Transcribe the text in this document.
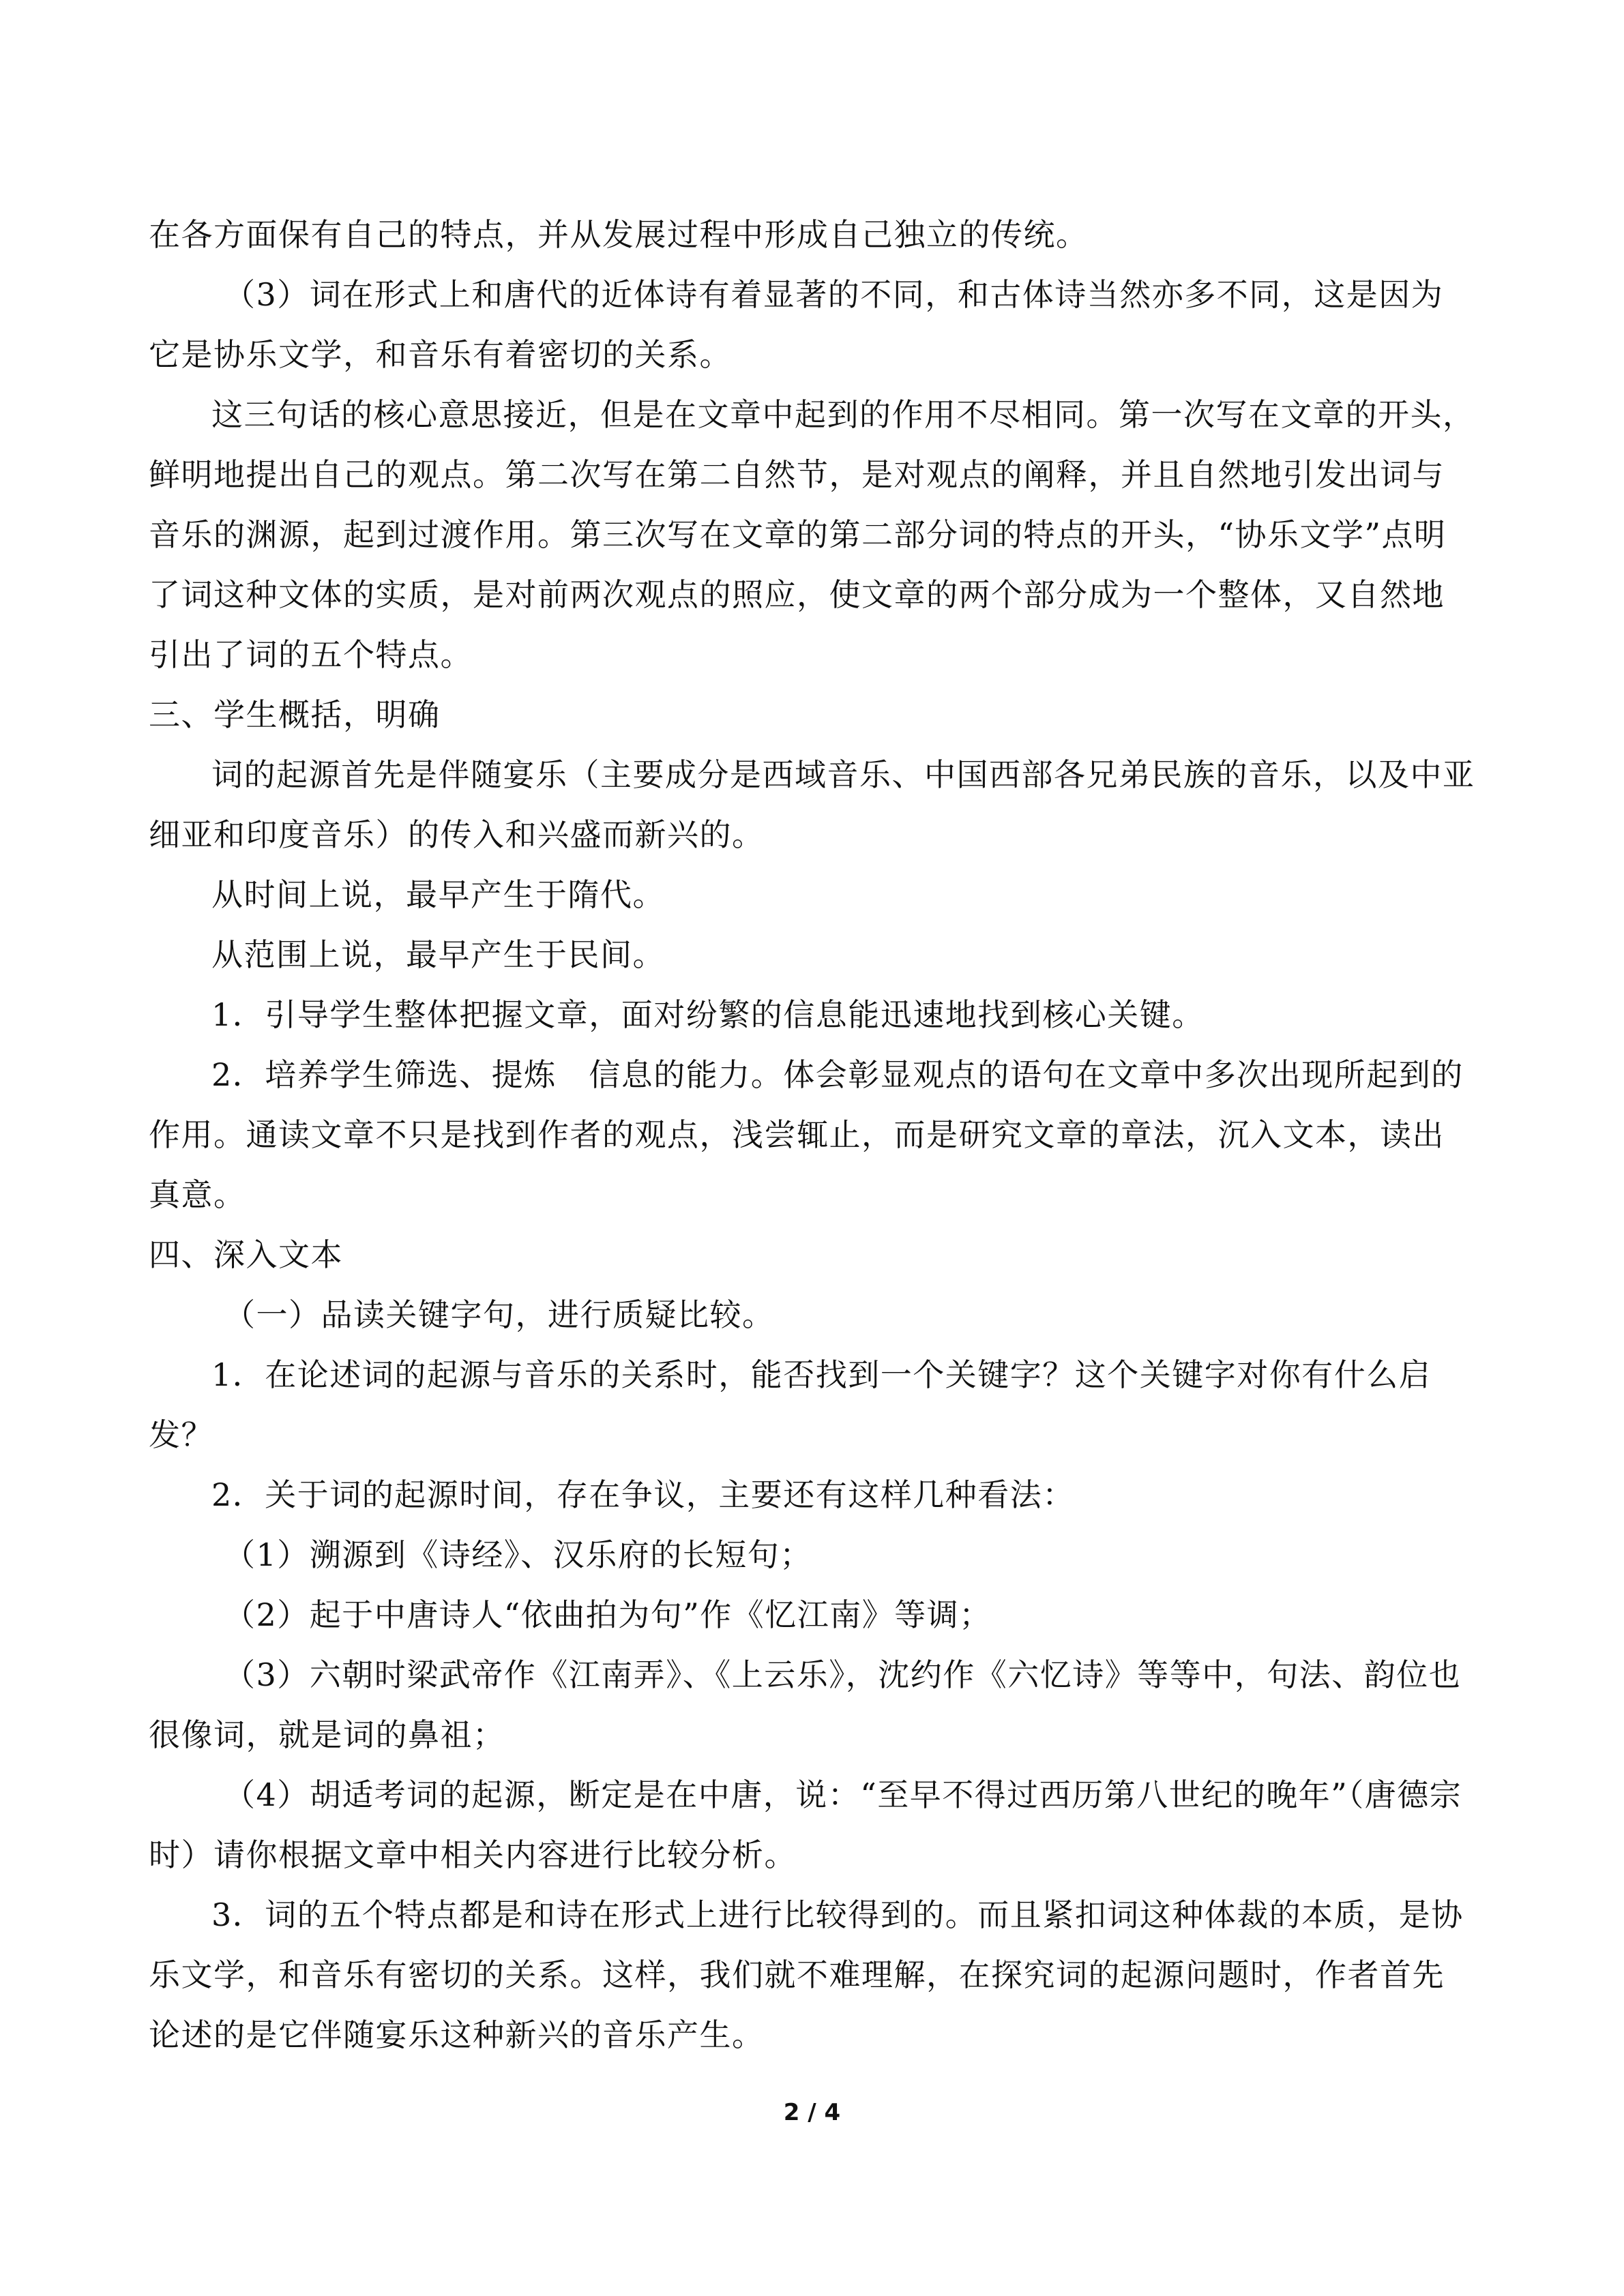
在各方面保有自己的特点，并从发展过程中形成自己独立的传统。

（3）词在形式上和唐代的近体诗有着显著的不同，和古体诗当然亦多不同，这是因为它是协乐文学，和音乐有着密切的关系。

这三句话的核心意思接近，但是在文章中起到的作用不尽相同。第一次写在文章的开头，鲜明地提出自己的观点。第二次写在第二自然节，是对观点的阐释，并且自然地引发出词与音乐的渊源，起到过渡作用。第三次写在文章的第二部分词的特点的开头，“协乐文学”点明了词这种文体的实质，是对前两次观点的照应，使文章的两个部分成为一个整体，又自然地引出了词的五个特点。

三、学生概括，明确

词的起源首先是伴随宴乐（主要成分是西域音乐、中国西部各兄弟民族的音乐，以及中亚细亚和印度音乐）的传入和兴盛而新兴的。

从时间上说，最早产生于隋代。

从范围上说，最早产生于民间。

1．引导学生整体把握文章，面对纷繁的信息能迅速地找到核心关键。

2．培养学生筛选、提炼　信息的能力。体会彰显观点的语句在文章中多次出现所起到的作用。通读文章不只是找到作者的观点，浅尝辄止，而是研究文章的章法，沉入文本，读出真意。

四、深入文本

（一）品读关键字句，进行质疑比较。

1．在论述词的起源与音乐的关系时，能否找到一个关键字？这个关键字对你有什么启发？

2．关于词的起源时间，存在争议，主要还有这样几种看法：

（1）溯源到《诗经》、汉乐府的长短句；

（2）起于中唐诗人“依曲拍为句”作《忆江南》等调；

（3）六朝时梁武帝作《江南弄》、《上云乐》，沈约作《六忆诗》等等中，句法、韵位也很像词，就是词的鼻祖；

（4）胡适考词的起源，断定是在中唐，说：“至早不得过西历第八世纪的晚年”（唐德宗时）请你根据文章中相关内容进行比较分析。

3．词的五个特点都是和诗在形式上进行比较得到的。而且紧扣词这种体裁的本质，是协乐文学，和音乐有密切的关系。这样，我们就不难理解，在探究词的起源问题时，作者首先论述的是它伴随宴乐这种新兴的音乐产生。

2 / 4
